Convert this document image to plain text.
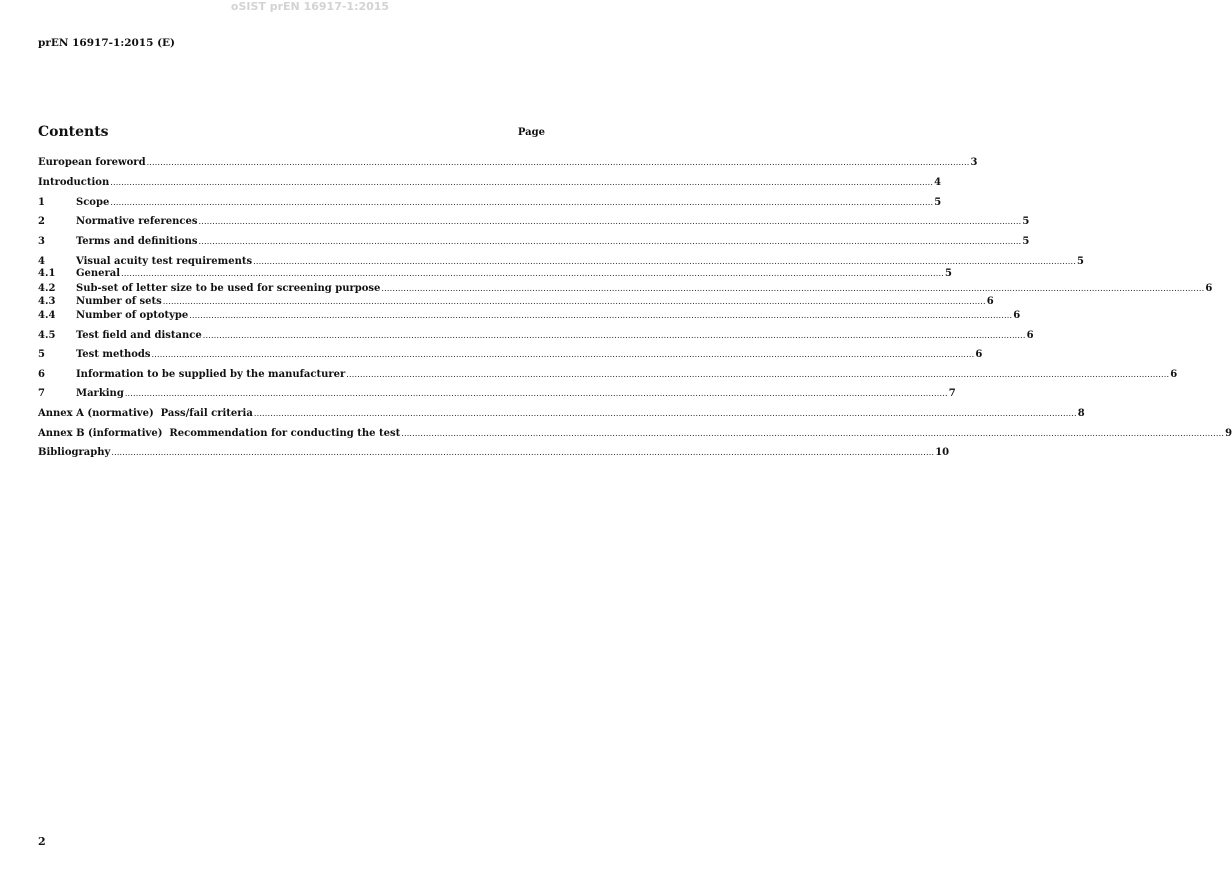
oSIST prEN 16917-1:2015
prEN 16917-1:2015 (E)
Contents	Page
European foreword ............................................................................................................................................................................................................................................................................................................ 3
Introduction ............................................................................................................................................................................................................................................................................................................ 4
1	Scope ............................................................................................................................................................................................................................................................................................................ 5
2	Normative references ............................................................................................................................................................................................................................................................................................................ 5
3	Terms and definitions ............................................................................................................................................................................................................................................................................................................ 5
4	Visual acuity test requirements ............................................................................................................................................................................................................................................................................................................ 5
4.1	General ............................................................................................................................................................................................................................................................................................................ 5
4.2	Sub-set of letter size to be used for screening purpose ............................................................................................................................................................................................................................................................................................................ 6
4.3	Number of sets ............................................................................................................................................................................................................................................................................................................ 6
4.4	Number of optotype ............................................................................................................................................................................................................................................................................................................ 6
4.5	Test field and distance ............................................................................................................................................................................................................................................................................................................ 6
5	Test methods ............................................................................................................................................................................................................................................................................................................ 6
6	Information to be supplied by the manufacturer ............................................................................................................................................................................................................................................................................................................ 6
7	Marking ............................................................................................................................................................................................................................................................................................................ 7
Annex A (normative)  Pass/fail criteria ............................................................................................................................................................................................................................................................................................................ 8
Annex B (informative)  Recommendation for conducting the test ............................................................................................................................................................................................................................................................................................................ 9
Bibliography ............................................................................................................................................................................................................................................................................................................ 10
2
